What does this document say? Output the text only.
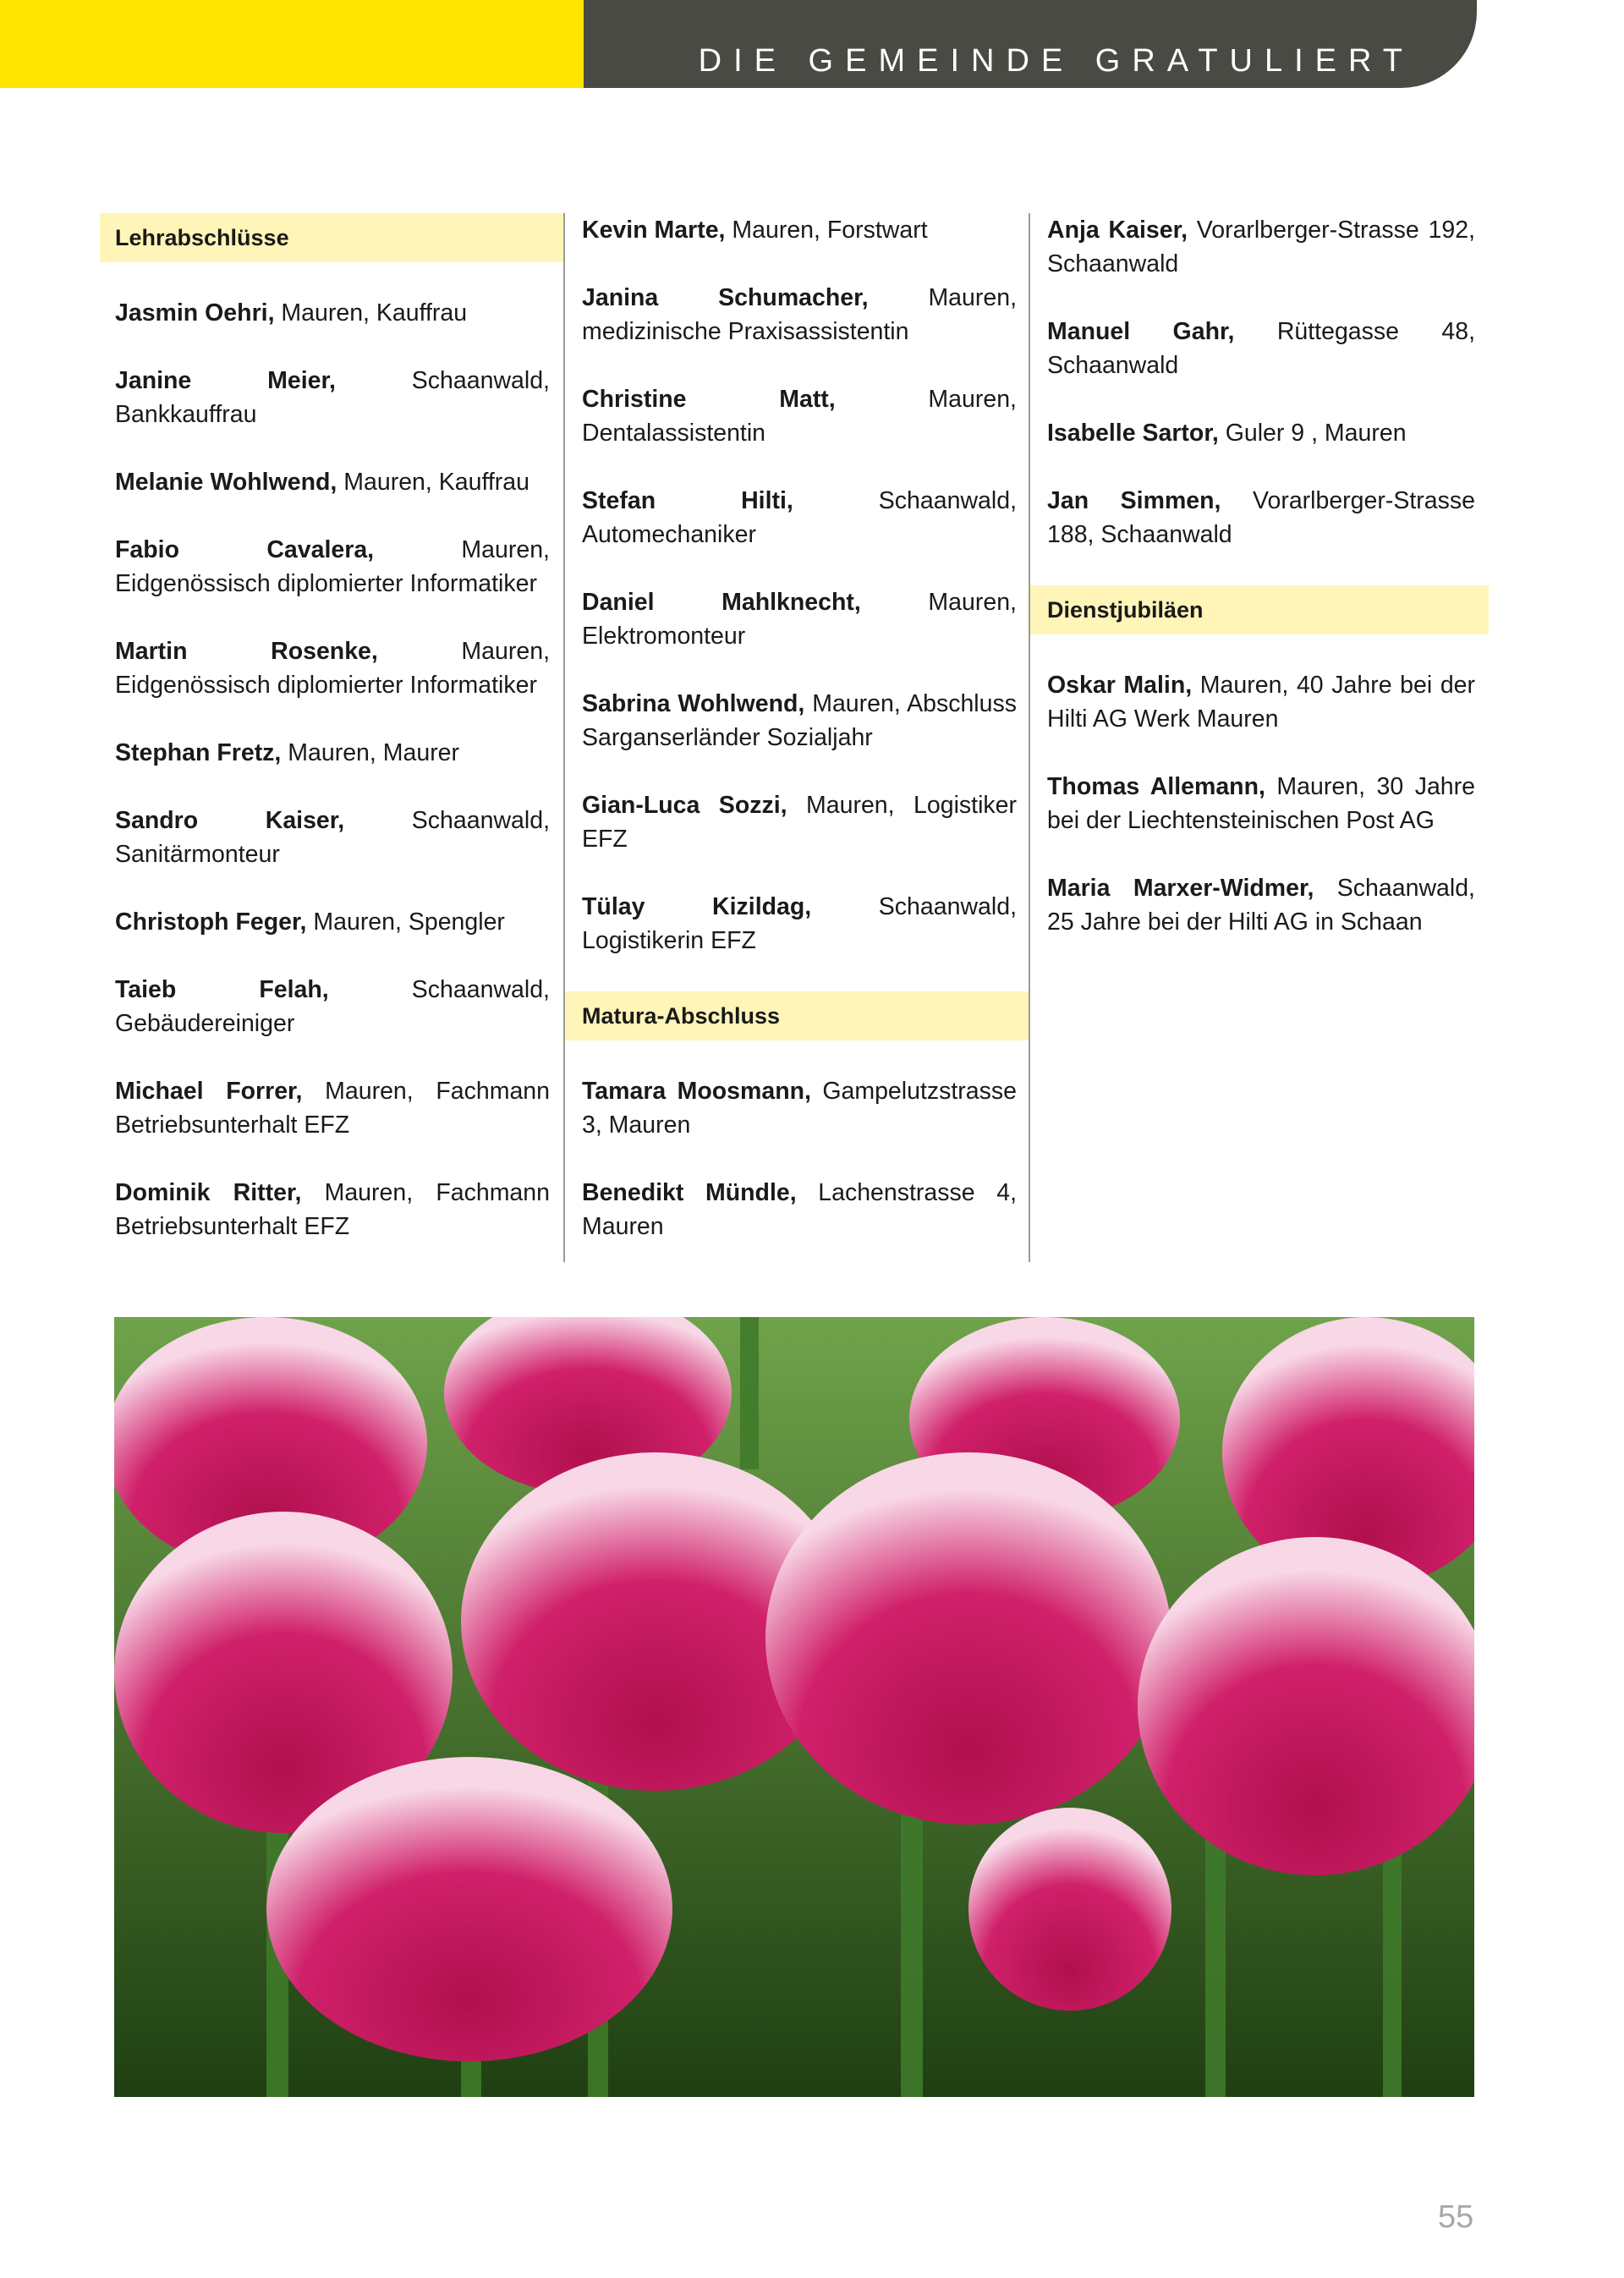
DIE GEMEINDE GRATULIERT
Lehrabschlüsse
Jasmin Oehri, Mauren, Kauffrau
Janine Meier, Schaanwald, Bankkauffrau
Melanie Wohlwend, Mauren, Kauffrau
Fabio Cavalera, Mauren, Eidgenössisch diplomierter Informatiker
Martin Rosenke, Mauren, Eidgenössisch diplomierter Informatiker
Stephan Fretz, Mauren, Maurer
Sandro Kaiser, Schaanwald, Sanitärmonteur
Christoph Feger, Mauren, Spengler
Taieb Felah, Schaanwald, Gebäudereiniger
Michael Forrer, Mauren, Fachmann Betriebsunterhalt EFZ
Dominik Ritter, Mauren, Fachmann Betriebsunterhalt EFZ
Kevin Marte, Mauren, Forstwart
Janina Schumacher, Mauren, medizinische Praxisassistentin
Christine Matt, Mauren, Dentalassistentin
Stefan Hilti, Schaanwald, Automechaniker
Daniel Mahlknecht, Mauren, Elektromonteur
Sabrina Wohlwend, Mauren, Abschluss Sarganserländer Sozialjahr
Gian-Luca Sozzi, Mauren, Logistiker EFZ
Tülay Kizildag, Schaanwald, Logistikerin EFZ
Matura-Abschluss
Tamara Moosmann, Gampelutzstrasse 3, Mauren
Benedikt Mündle, Lachenstrasse 4, Mauren
Anja Kaiser, Vorarlberger-Strasse 192, Schaanwald
Manuel Gahr, Rüttegasse 48, Schaanwald
Isabelle Sartor, Guler 9 , Mauren
Jan Simmen, Vorarlberger-Strasse 188, Schaanwald
Dienstjubiläen
Oskar Malin, Mauren, 40 Jahre bei der Hilti AG Werk Mauren
Thomas Allemann, Mauren, 30 Jahre bei der Liechtensteinischen Post AG
Maria Marxer-Widmer, Schaanwald, 25 Jahre bei der Hilti AG in Schaan
55
